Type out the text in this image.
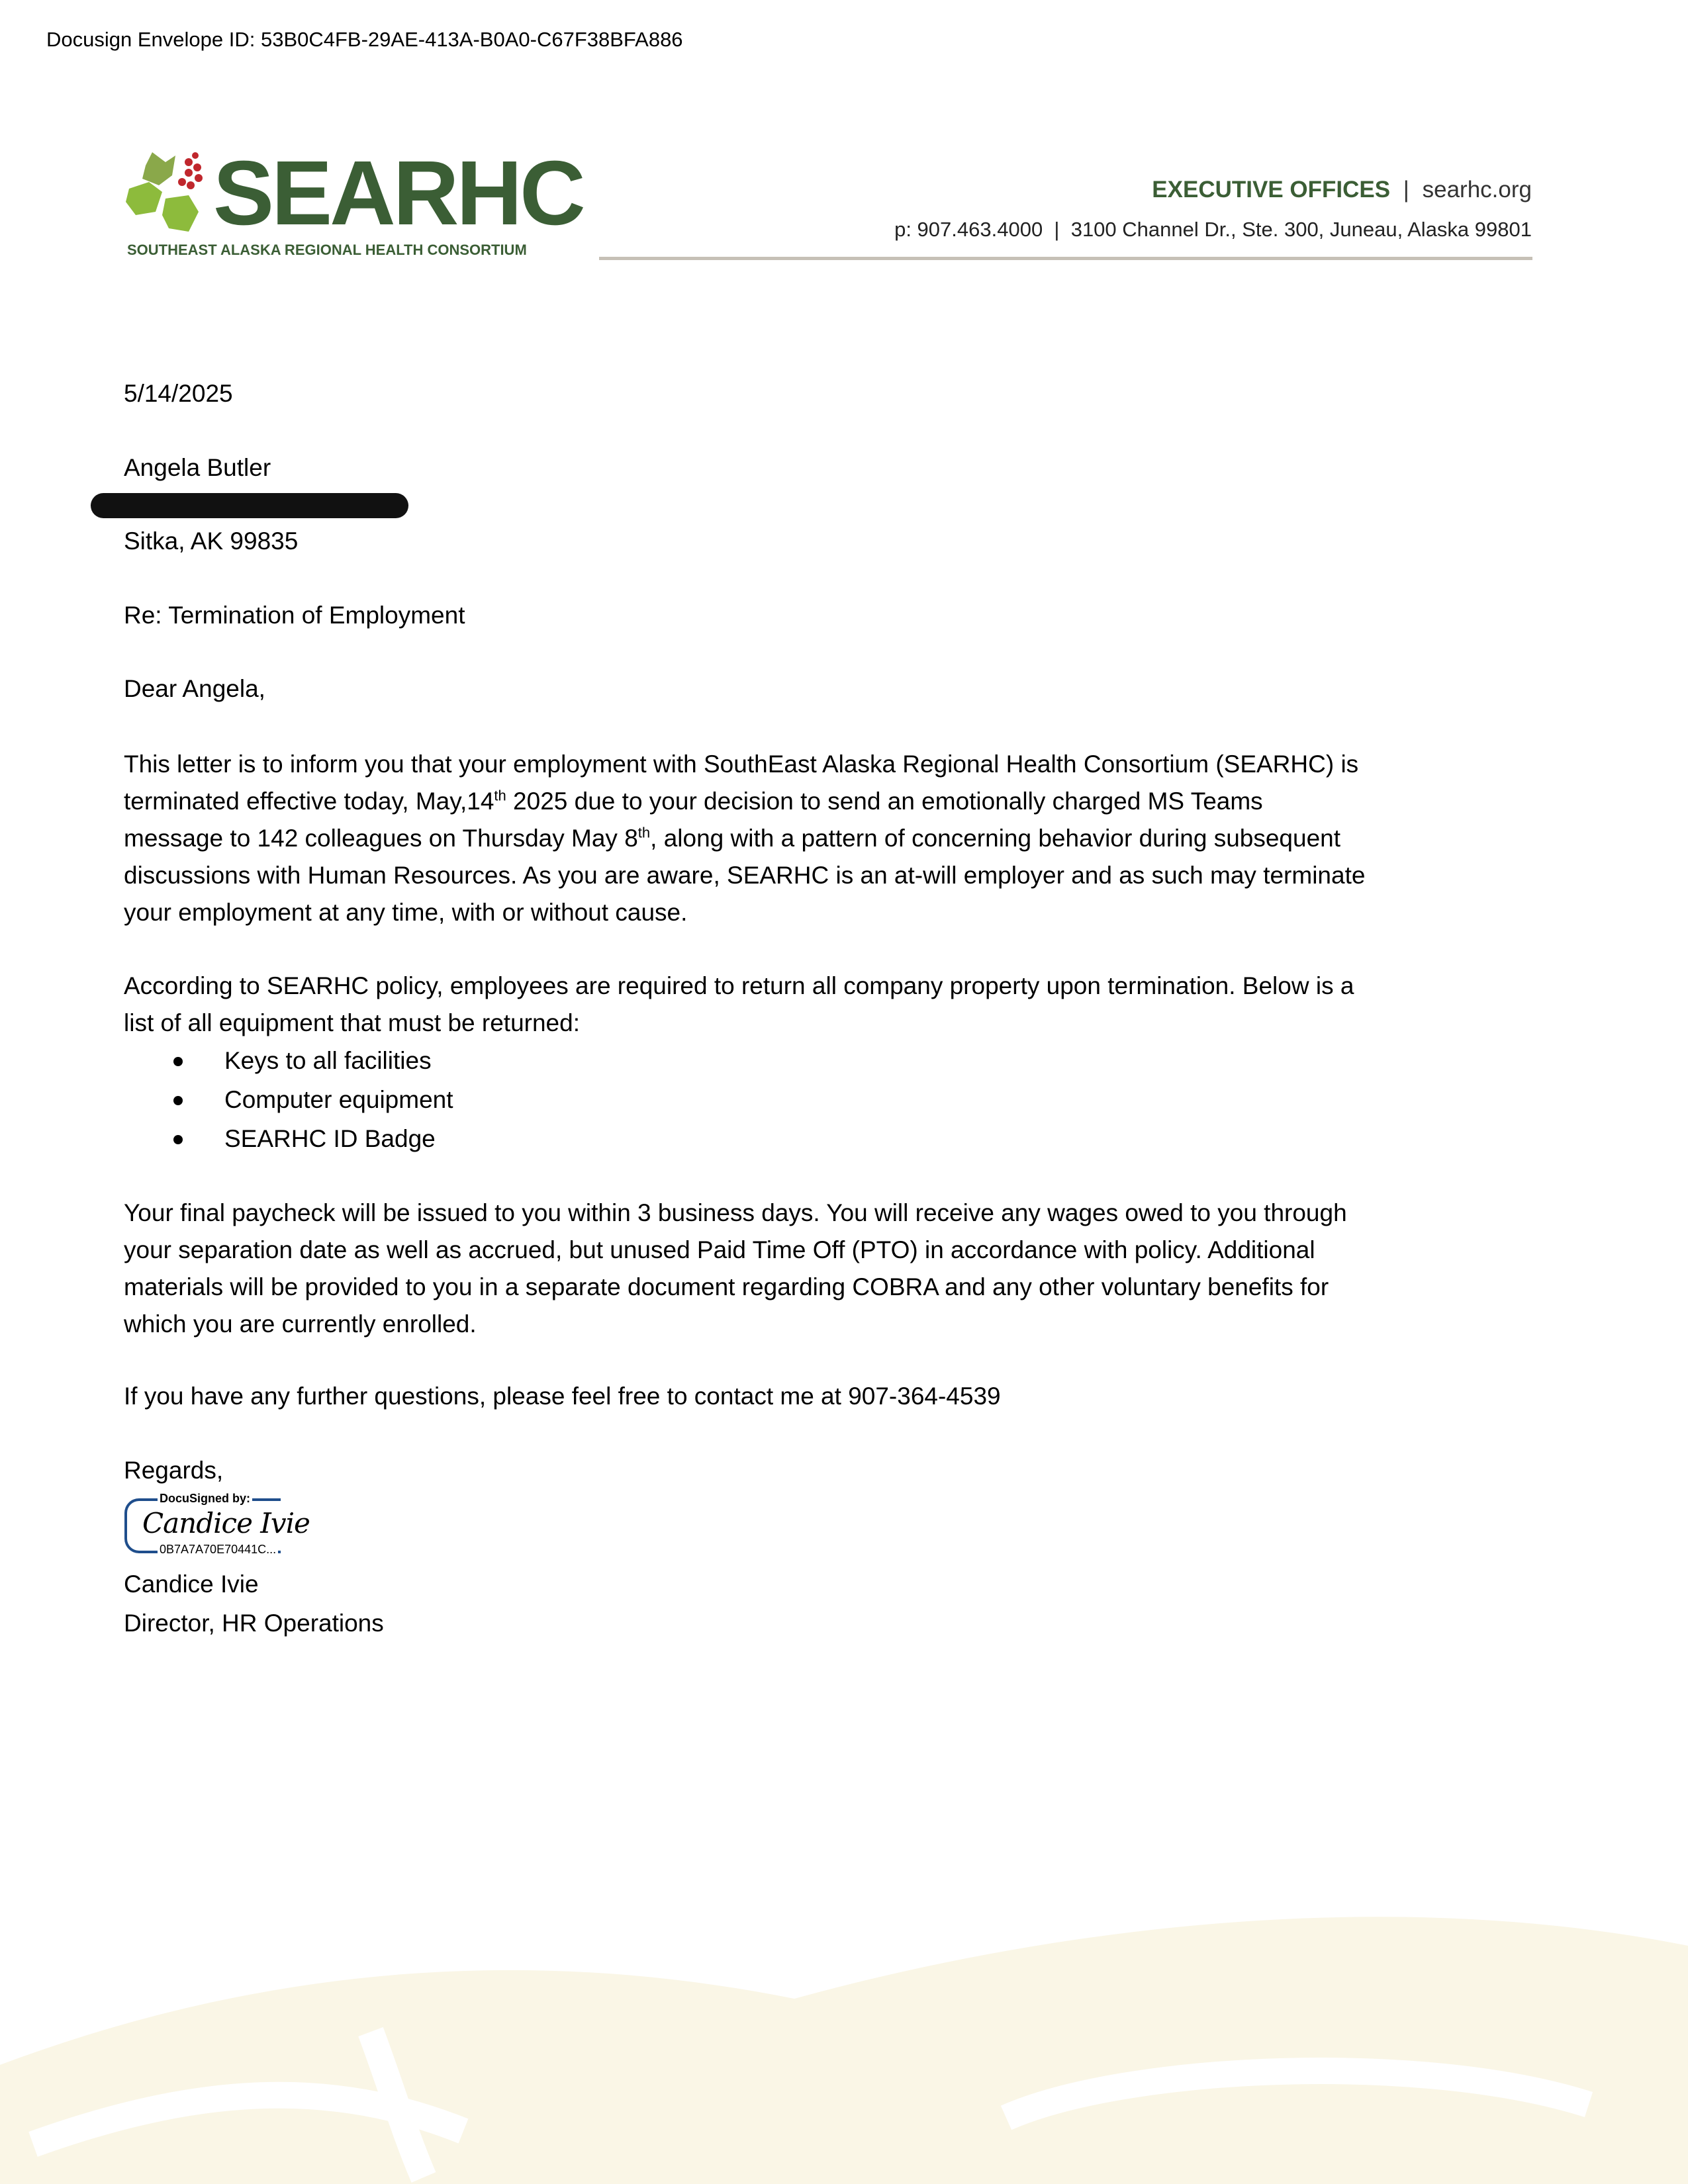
Docusign Envelope ID: 53B0C4FB-29AE-413A-B0A0-C67F38BFA886
SEARHC
SOUTHEAST ALASKA REGIONAL HEALTH CONSORTIUM
EXECUTIVE OFFICES | searhc.org
p: 907.463.4000  |  3100 Channel Dr., Ste. 300, Juneau, Alaska 99801
5/14/2025
Angela Butler
Sitka, AK 99835
Re: Termination of Employment
Dear Angela,
This letter is to inform you that your employment with SouthEast Alaska Regional Health Consortium (SEARHC) is
terminated effective today, May,14th 2025 due to your decision to send an emotionally charged MS Teams
message to 142 colleagues on Thursday May 8th, along with a pattern of concerning behavior during subsequent
discussions with Human Resources. As you are aware, SEARHC is an at-will employer and as such may terminate
your employment at any time, with or without cause.
According to SEARHC policy, employees are required to return all company property upon termination. Below is a
list of all equipment that must be returned:
Keys to all facilities
Computer equipment
SEARHC ID Badge
Your final paycheck will be issued to you within 3 business days. You will receive any wages owed to you through
your separation date as well as accrued, but unused Paid Time Off (PTO) in accordance with policy. Additional
materials will be provided to you in a separate document regarding COBRA and any other voluntary benefits for
which you are currently enrolled.
If you have any further questions, please feel free to contact me at 907-364-4539
Regards,
DocuSigned by:
Candice Ivie
0B7A7A70E70441C...
Candice Ivie
Director, HR Operations
